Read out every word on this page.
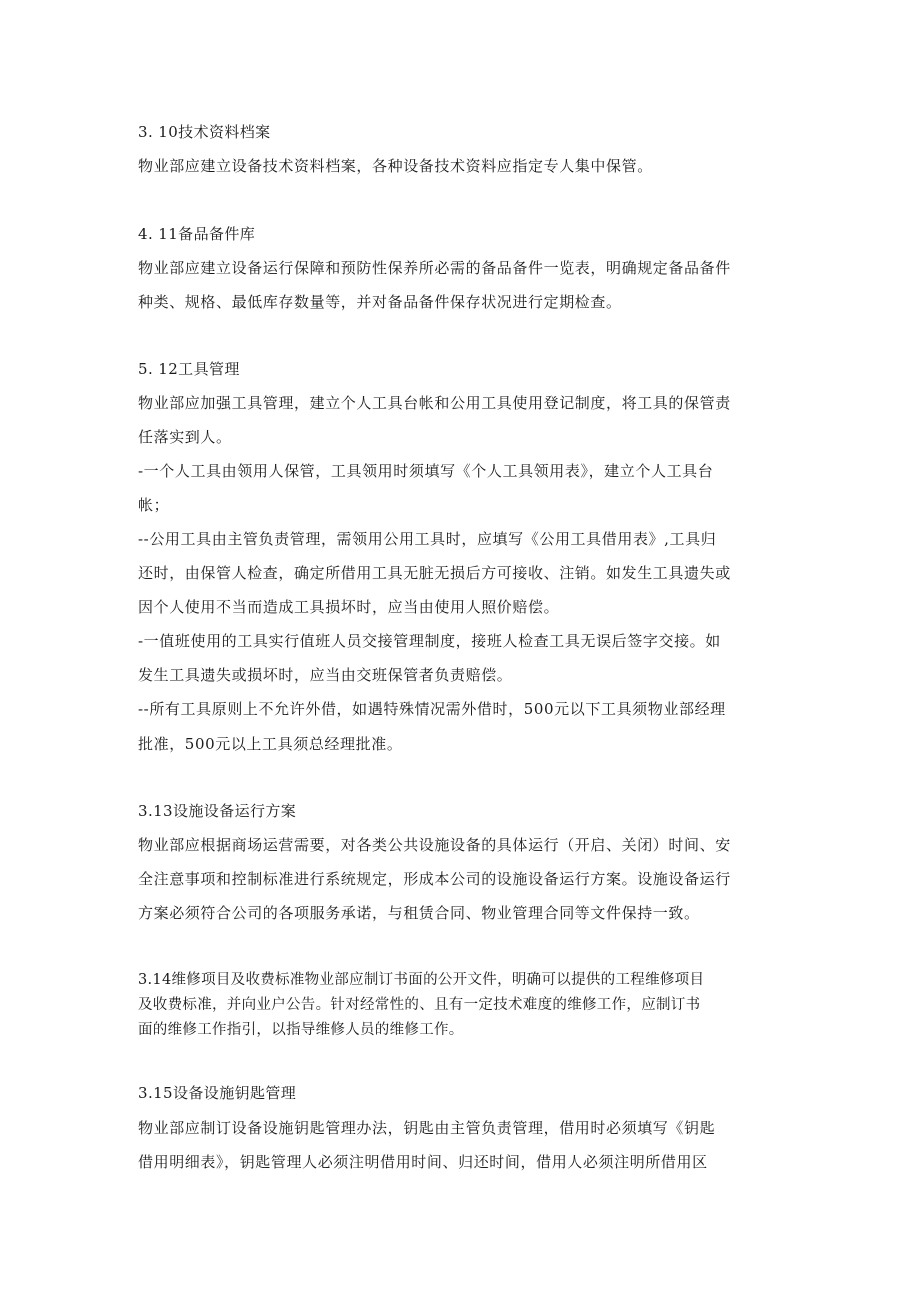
3. 10技术资料档案
物业部应建立设备技术资料档案，各种设备技术资料应指定专人集中保管。
4. 11备品备件库
物业部应建立设备运行保障和预防性保养所必需的备品备件一览表，明确规定备品备件
种类、规格、最低库存数量等，并对备品备件保存状况进行定期检查。
5. 12工具管理
物业部应加强工具管理，建立个人工具台帐和公用工具使用登记制度，将工具的保管责
任落实到人。
-一个人工具由领用人保管，工具领用时须填写《个人工具领用表》，建立个人工具台
帐；
--公用工具由主管负责管理，需领用公用工具时，应填写《公用工具借用表》,工具归
还时，由保管人检查，确定所借用工具无脏无损后方可接收、注销。如发生工具遗失或
因个人使用不当而造成工具损坏时，应当由使用人照价赔偿。
-一值班使用的工具实行值班人员交接管理制度，接班人检查工具无误后签字交接。如
发生工具遗失或损坏时，应当由交班保管者负责赔偿。
--所有工具原则上不允许外借，如遇特殊情况需外借时，500元以下工具须物业部经理
批准，500元以上工具须总经理批准。
3.13设施设备运行方案
物业部应根据商场运营需要，对各类公共设施设备的具体运行（开启、关闭）时间、安
全注意事项和控制标准进行系统规定，形成本公司的设施设备运行方案。设施设备运行
方案必须符合公司的各项服务承诺，与租赁合同、物业管理合同等文件保持一致。
3.14维修项目及收费标准物业部应制订书面的公开文件，明确可以提供的工程维修项目
及收费标准，并向业户公告。针对经常性的、且有一定技术难度的维修工作，应制订书
面的维修工作指引，以指导维修人员的维修工作。
3.15设备设施钥匙管理
物业部应制订设备设施钥匙管理办法，钥匙由主管负责管理，借用时必须填写《钥匙
借用明细表》，钥匙管理人必须注明借用时间、归还时间，借用人必须注明所借用区
